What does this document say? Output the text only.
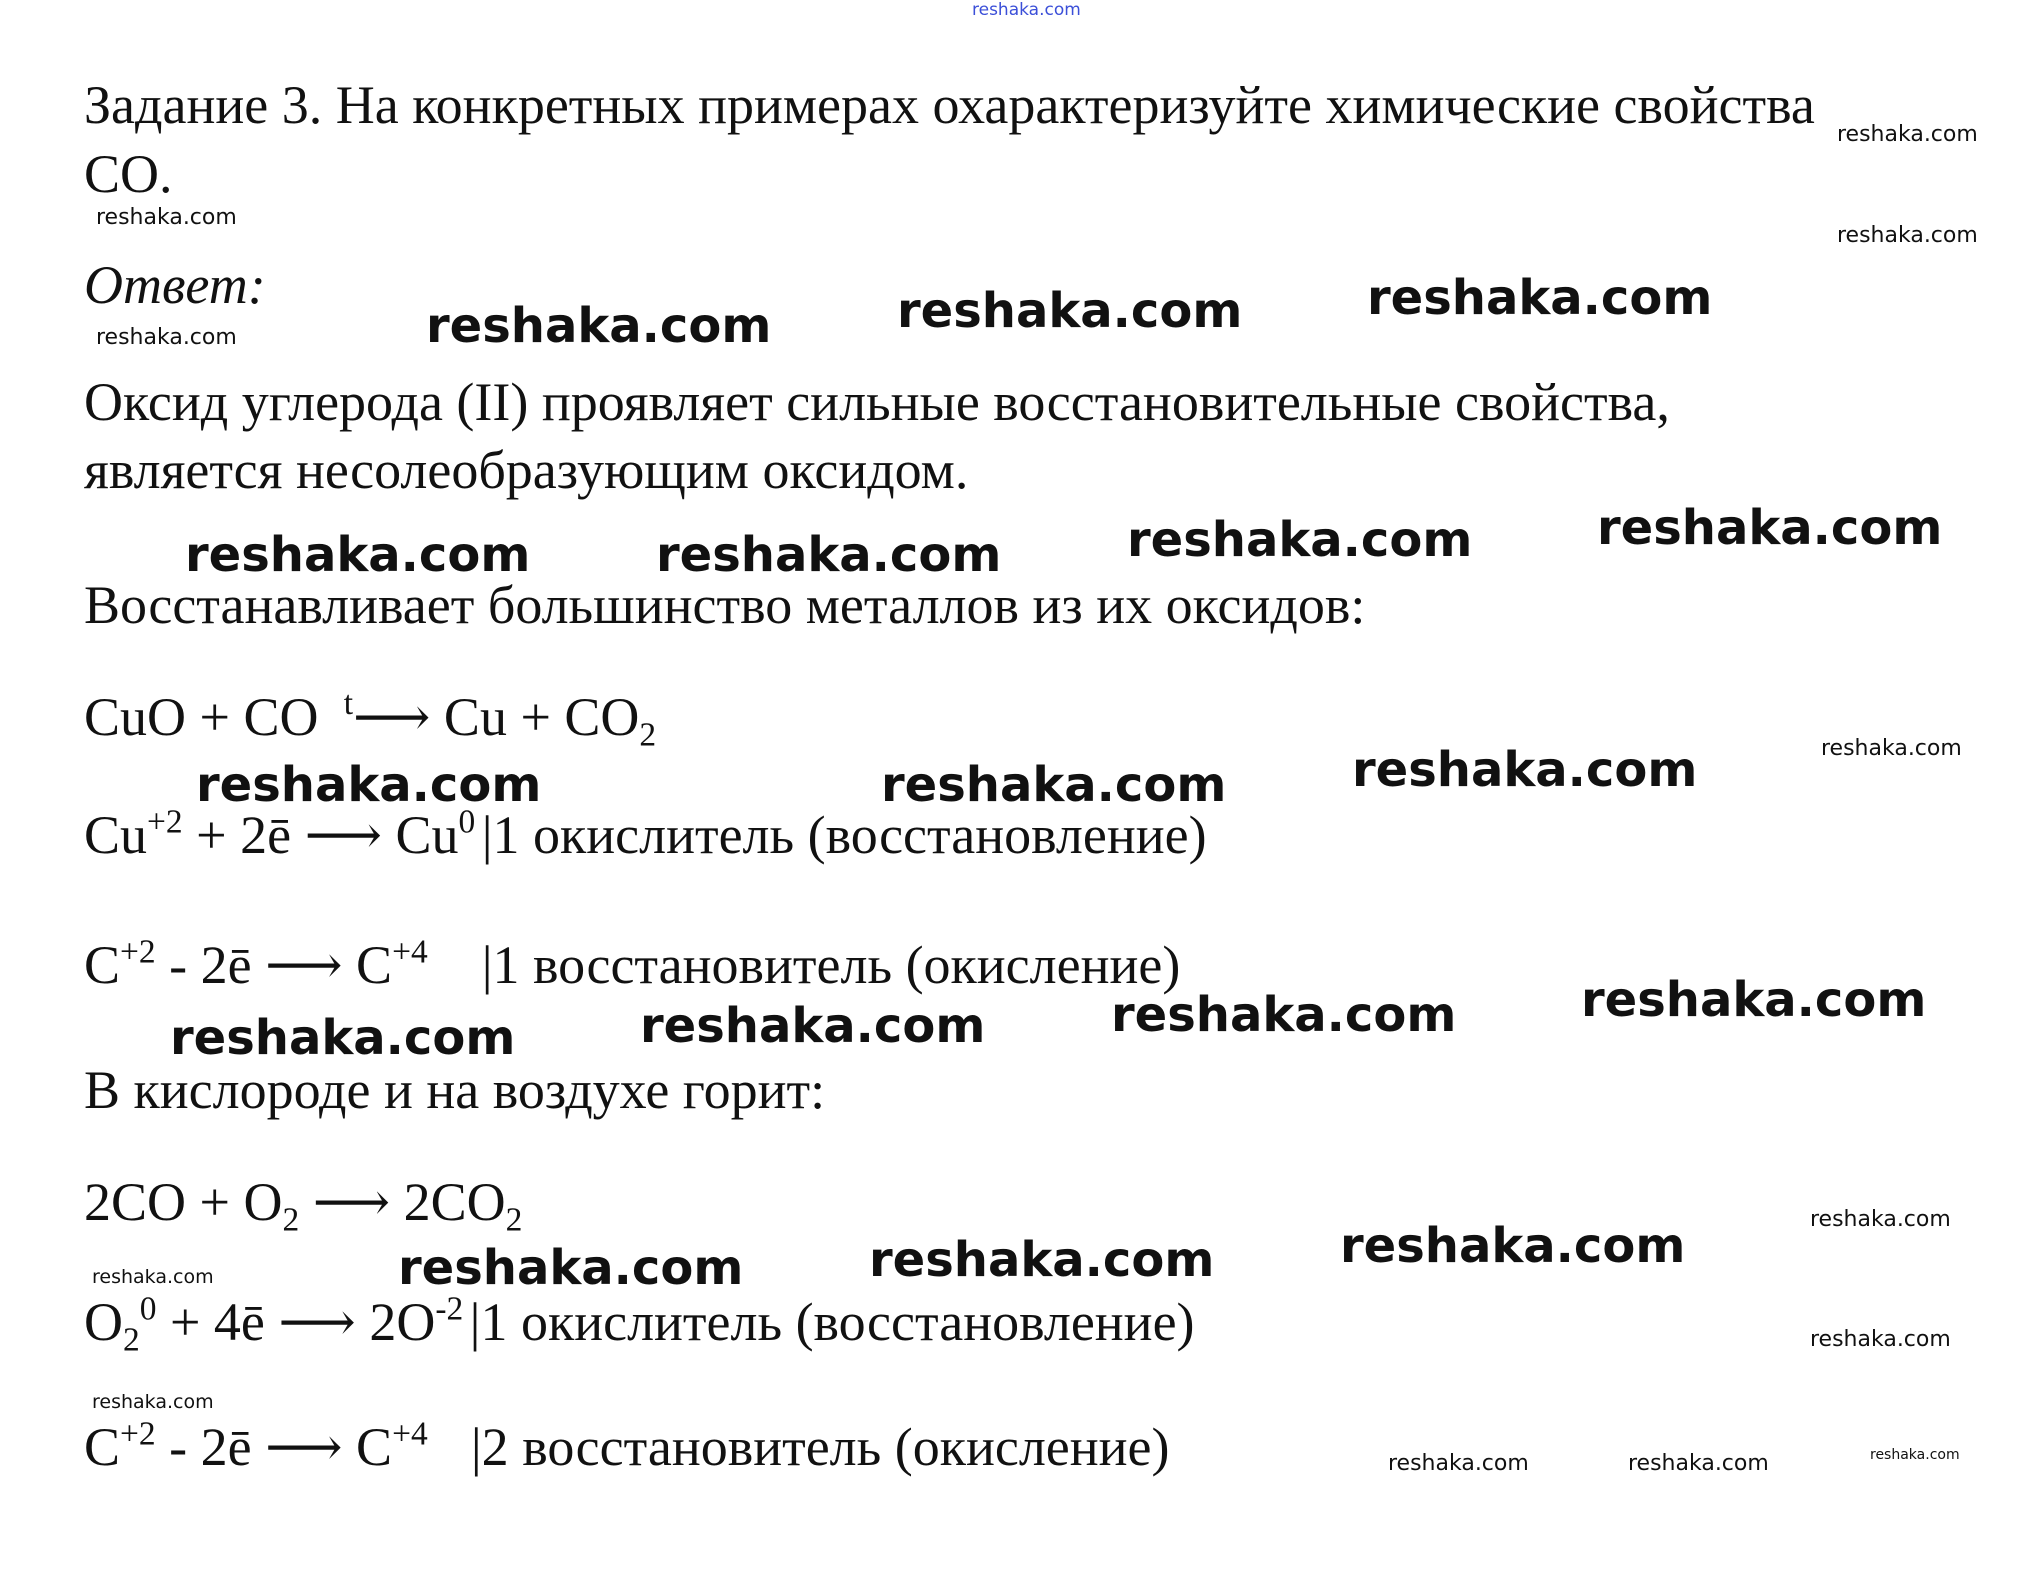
Задание 3. На конкретных примерах охарактеризуйте химические свойства
CO.
Ответ:
Оксид углерода (II) проявляет сильные восстановительные свойства,
является несолеобразующим оксидом.
Восстанавливает большинство металлов из их оксидов:
CuO + CO $^t$⟶ $Cu + CO_2$
$Cu^{+2}$ + 2ē ⟶ Cu$^0$ |1 окислитель (восстановление)
$C^{+2}$ - 2ē ⟶ $C^{+4}$ |1 восстановитель (окисление)
В кислороде и на воздухе горит:
$2CO + O_2$ ⟶ $2CO_2$
$O_2^0$ + 4ē ⟶ $2O^{-2}$ |1 окислитель (восстановление)
$C^{+2}$ - 2ē ⟶ $C^{+4}$ |2 восстановитель (окисление)
reshaka.com
reshaka.com
reshaka.com
reshaka.com
reshaka.com
reshaka.com
reshaka.com
reshaka.com
reshaka.com
reshaka.com
reshaka.com	reshaka.com
reshaka.com
reshaka.com
reshaka.com	reshaka.com
reshaka.com
reshaka.com
reshaka.com
reshaka.com
reshaka.com
reshaka.com
reshaka.com
reshaka.com
reshaka.com
reshaka.com
reshaka.com
reshaka.com	reshaka.com	reshaka.com
